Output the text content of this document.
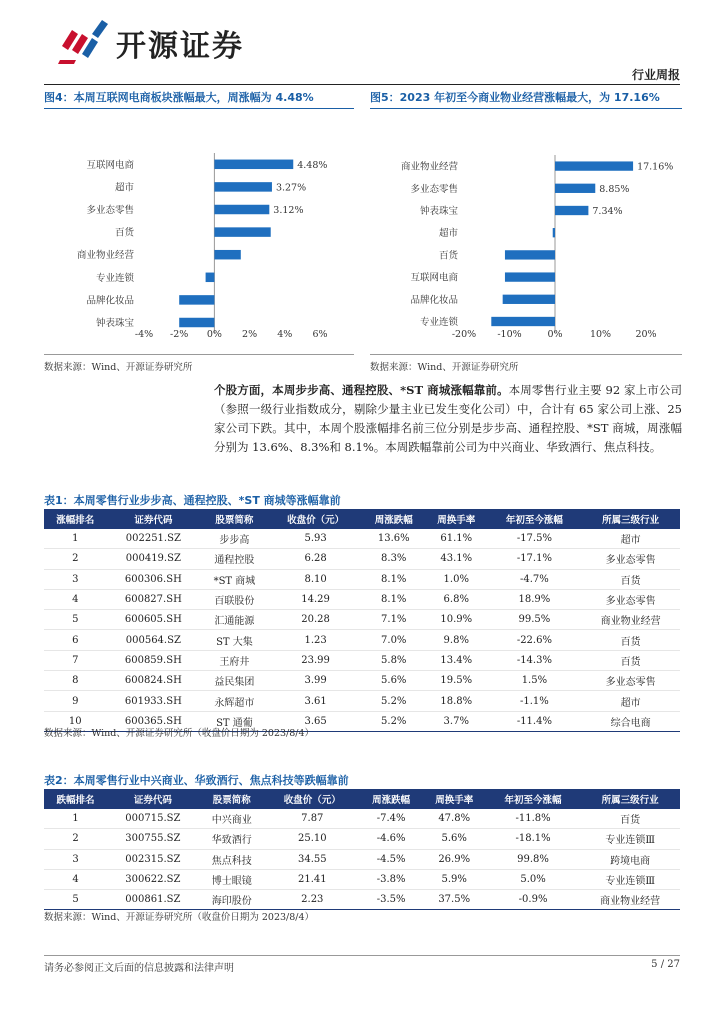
开源证券
行业周报
图4：本周互联网电商板块涨幅最大，周涨幅为 4.48%
互联网电商	4.48%
超市	3.27%
多业态零售	3.12%
百货
商业物业经营
专业连锁
品牌化妆品
钟表珠宝
-4% -2% 0% 2% 4% 6%
数据来源：Wind、开源证券研究所
图5：2023 年初至今商业物业经营涨幅最大，为 17.16%
商业物业经营	17.16%
多业态零售	8.85%
钟表珠宝	7.34%
超市
百货
互联网电商
品牌化妆品
专业连锁
-20% -10%	0%	10%	20%
数据来源：Wind、开源证券研究所
个股方面，本周步步高、通程控股、*ST 商城涨幅靠前。本周零售行业主要 92 家上市公司（参照一级行业指数成分，剔除少量主业已发生变化公司）中，合计有 65 家公司上涨、25 家公司下跌。其中，本周个股涨幅排名前三位分别是步步高、通程控股、*ST 商城，周涨幅分别为 13.6%、8.3%和 8.1%。本周跌幅靠前公司为中兴商业、华致酒行、焦点科技。
表1：本周零售行业步步高、通程控股、*ST 商城等涨幅靠前
涨幅排名	证券代码	股票简称	收盘价（元）	周涨跌幅	周换手率	年初至今涨幅	所属三级行业
1	002251.SZ	步步高	5.93	13.6%	61.1%	-17.5%	超市
2	000419.SZ	通程控股	6.28	8.3%	43.1%	-17.1%	多业态零售
3	600306.SH	*ST 商城	8.10	8.1%	1.0%	-4.7%	百货
4	600827.SH	百联股份	14.29	8.1%	6.8%	18.9%	多业态零售
5	600605.SH	汇通能源	20.28	7.1%	10.9%	99.5%	商业物业经营
6	000564.SZ	ST 大集	1.23	7.0%	9.8%	-22.6%	百货
7	600859.SH	王府井	23.99	5.8%	13.4%	-14.3%	百货
8	600824.SH	益民集团	3.99	5.6%	19.5%	1.5%	多业态零售
9	601933.SH	永辉超市	3.61	5.2%	18.8%	-1.1%	超市
10	600365.SH	ST 通葡	3.65	5.2%	3.7%	-11.4%	综合电商
数据来源：Wind、开源证券研究所（收盘价日期为 2023/8/4）
表2：本周零售行业中兴商业、华致酒行、焦点科技等跌幅靠前
跌幅排名	证券代码	股票简称	收盘价（元）	周涨跌幅	周换手率	年初至今涨幅	所属三级行业
1	000715.SZ	中兴商业	7.87	-7.4%	47.8%	-11.8%	百货
2	300755.SZ	华致酒行	25.10	-4.6%	5.6%	-18.1%	专业连锁Ⅲ
3	002315.SZ	焦点科技	34.55	-4.5%	26.9%	99.8%	跨境电商
4	300622.SZ	博士眼镜	21.41	-3.8%	5.9%	5.0%	专业连锁Ⅲ
5	000861.SZ	海印股份	2.23	-3.5%	37.5%	-0.9%	商业物业经营
数据来源：Wind、开源证券研究所（收盘价日期为 2023/8/4）
请务必参阅正文后面的信息披露和法律声明	5 / 27
